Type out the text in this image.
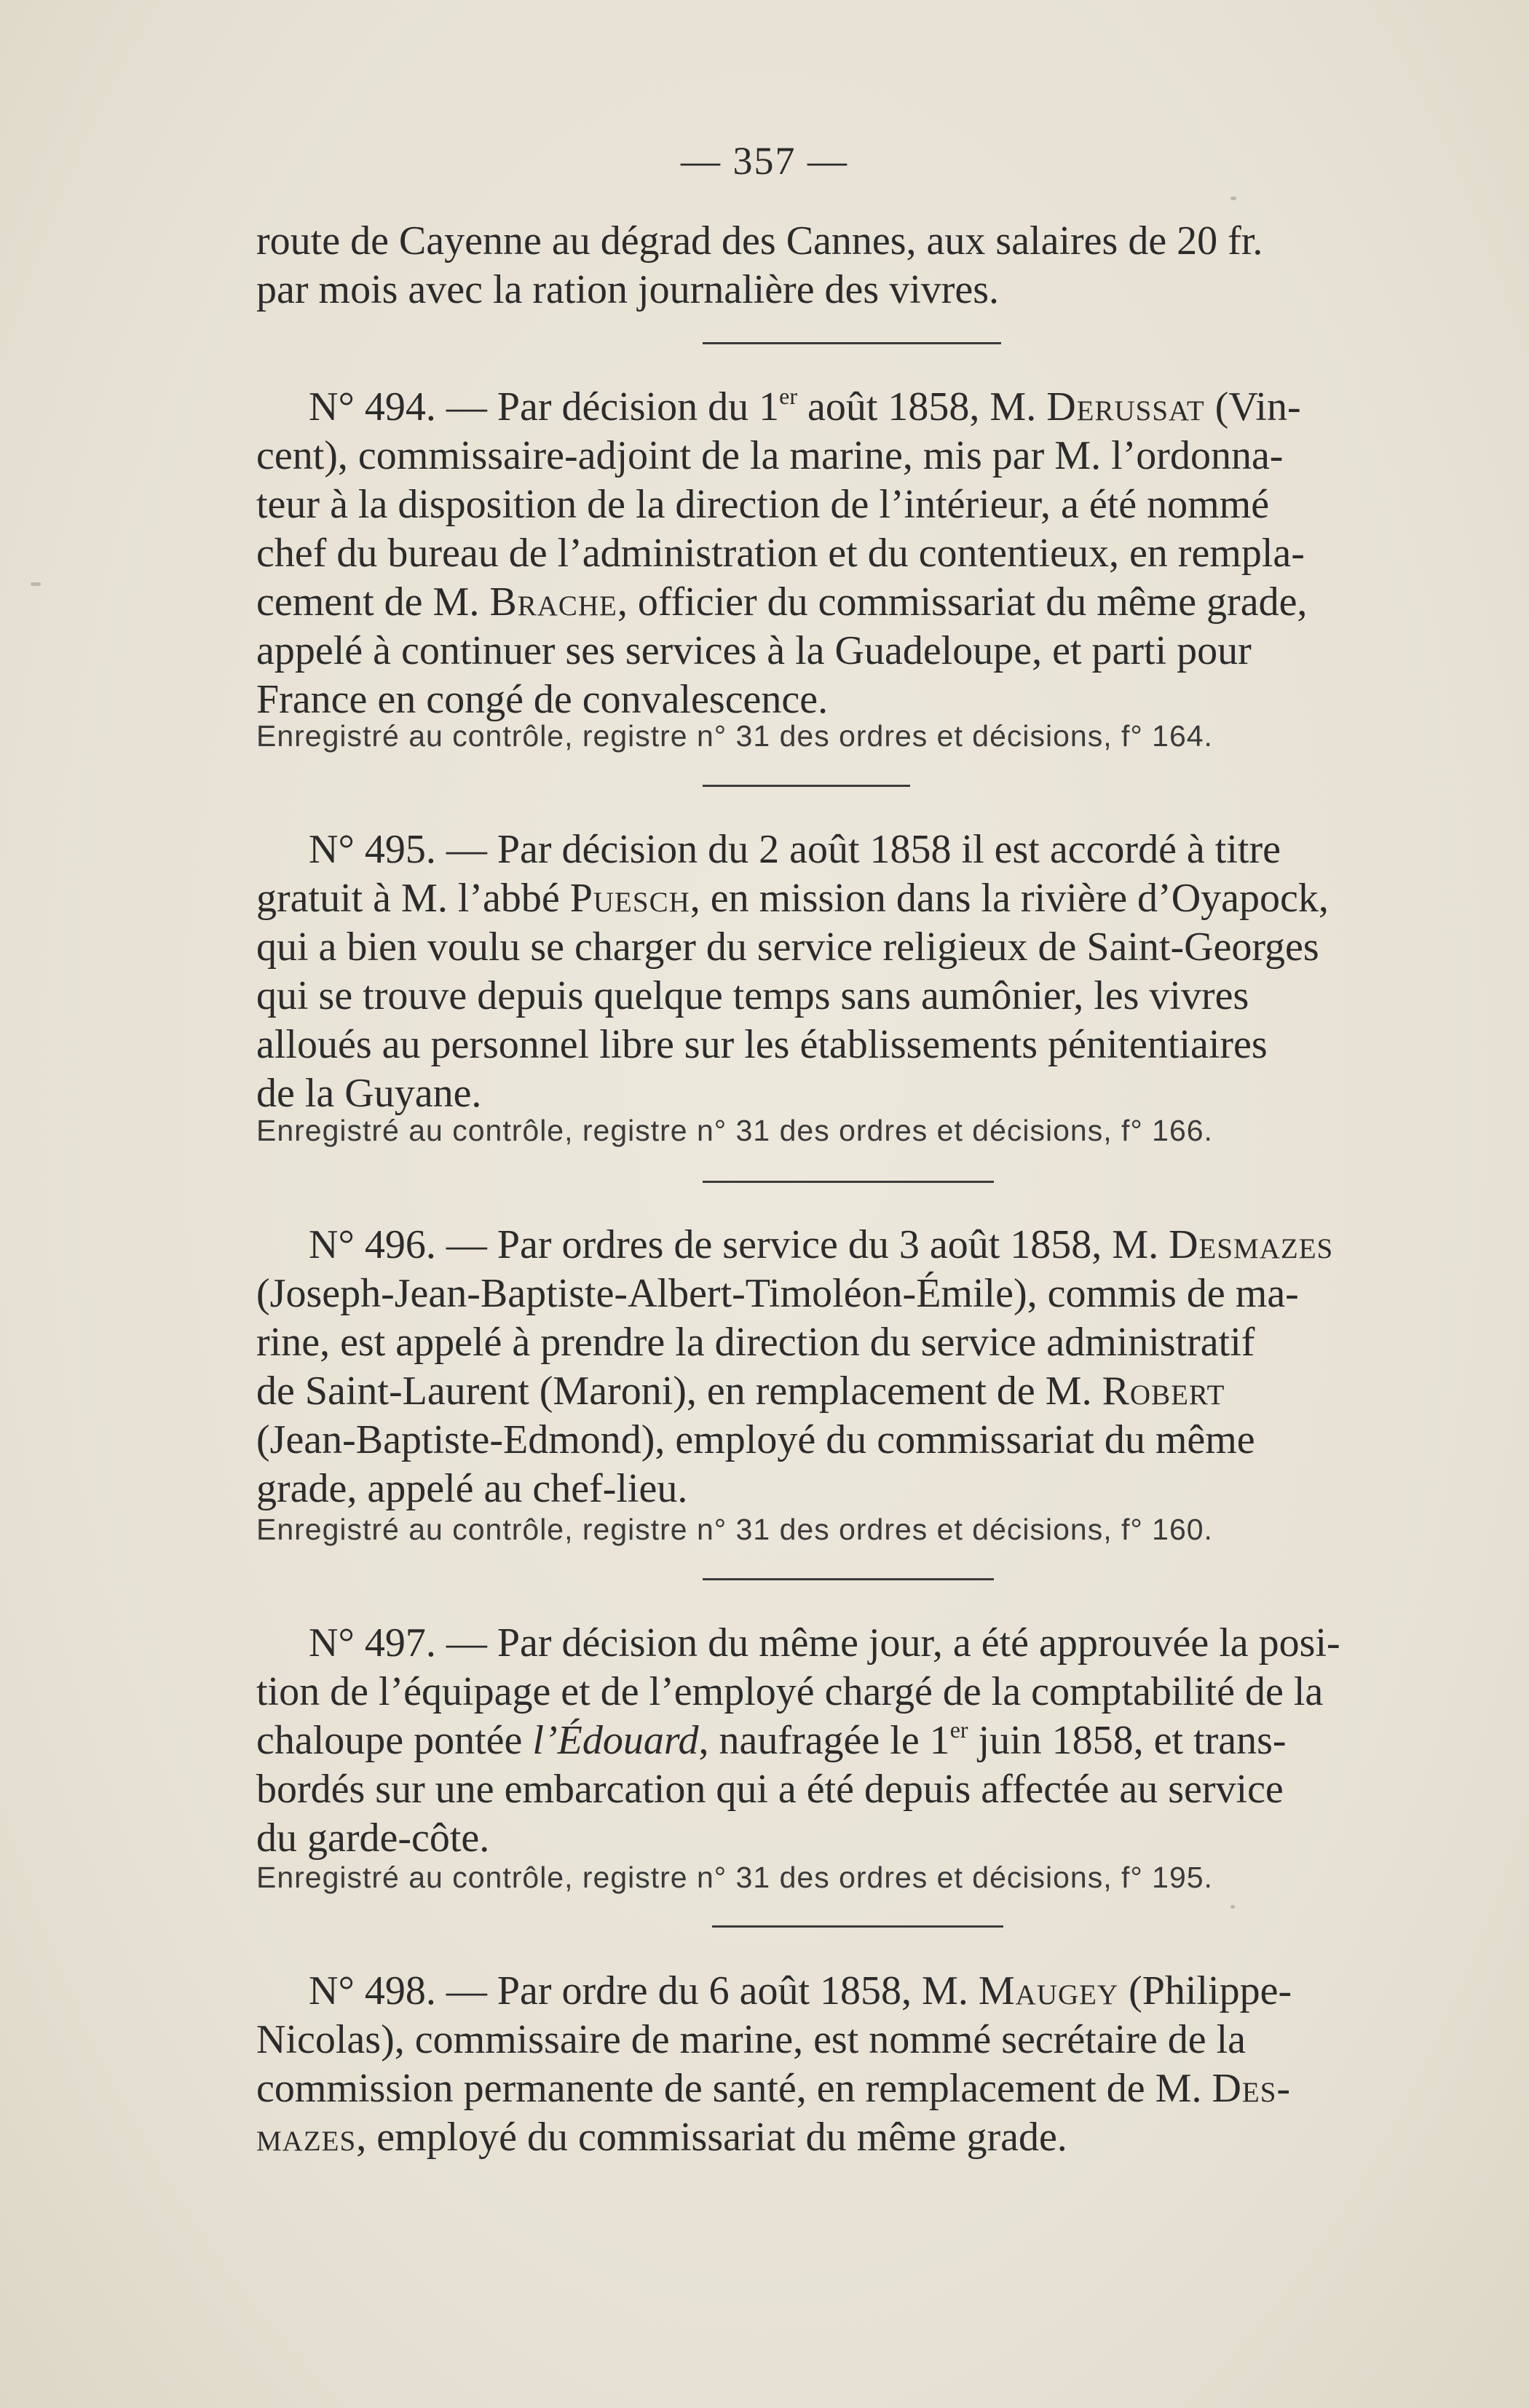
— 357 —
route de Cayenne au dégrad des Cannes, aux salaires de 20 fr.
par mois avec la ration journalière des vivres.
N° 494. — Par décision du 1er août 1858, M. Derussat (Vin-
cent), commissaire-adjoint de la marine, mis par M. l’ordonna-
teur à la disposition de la direction de l’intérieur, a été nommé
chef du bureau de l’administration et du contentieux, en rempla-
cement de M. Brache, officier du commissariat du même grade,
appelé à continuer ses services à la Guadeloupe, et parti pour
France en congé de convalescence.
Enregistré au contrôle, registre n° 31 des ordres et décisions, f° 164.
N° 495. — Par décision du 2 août 1858 il est accordé à titre
gratuit à M. l’abbé Puesch, en mission dans la rivière d’Oyapock,
qui a bien voulu se charger du service religieux de Saint-Georges
qui se trouve depuis quelque temps sans aumônier, les vivres
alloués au personnel libre sur les établissements pénitentiaires
de la Guyane.
Enregistré au contrôle, registre n° 31 des ordres et décisions, f° 166.
N° 496. — Par ordres de service du 3 août 1858, M. Desmazes
(Joseph-Jean-Baptiste-Albert-Timoléon-Émile), commis de ma-
rine, est appelé à prendre la direction du service administratif
de Saint-Laurent (Maroni), en remplacement de M. Robert
(Jean-Baptiste-Edmond), employé du commissariat du même
grade, appelé au chef-lieu.
Enregistré au contrôle, registre n° 31 des ordres et décisions, f° 160.
N° 497. — Par décision du même jour, a été approuvée la posi-
tion de l’équipage et de l’employé chargé de la comptabilité de la
chaloupe pontée l’Édouard, naufragée le 1er juin 1858, et trans-
bordés sur une embarcation qui a été depuis affectée au service
du garde-côte.
Enregistré au contrôle, registre n° 31 des ordres et décisions, f° 195.
N° 498. — Par ordre du 6 août 1858, M. Maugey (Philippe-
Nicolas), commissaire de marine, est nommé secrétaire de la
commission permanente de santé, en remplacement de M. Des-
mazes, employé du commissariat du même grade.
